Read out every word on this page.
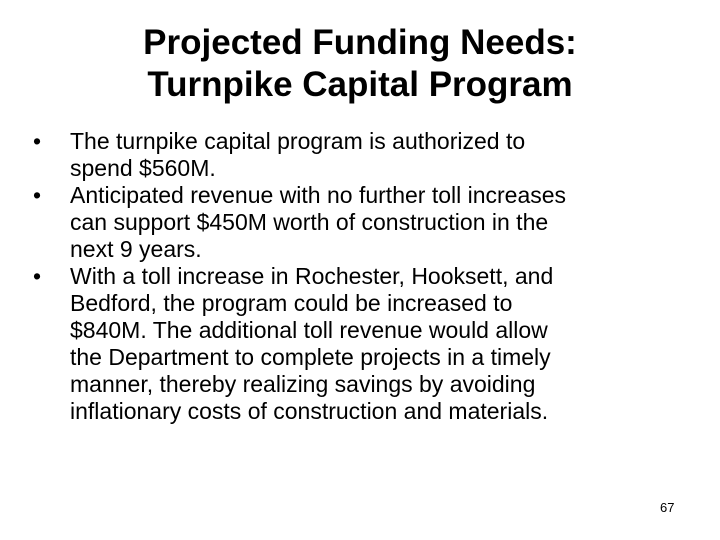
Projected Funding Needs:
Turnpike Capital Program
• The turnpike capital program is authorized to
spend $560M.
• Anticipated revenue with no further toll increases
can support $450M worth of construction in the
next 9 years.
• With a toll increase in Rochester, Hooksett, and
Bedford, the program could be increased to
$840M. The additional toll revenue would allow
the Department to complete projects in a timely
manner, thereby realizing savings by avoiding
inflationary costs of construction and materials.
67
